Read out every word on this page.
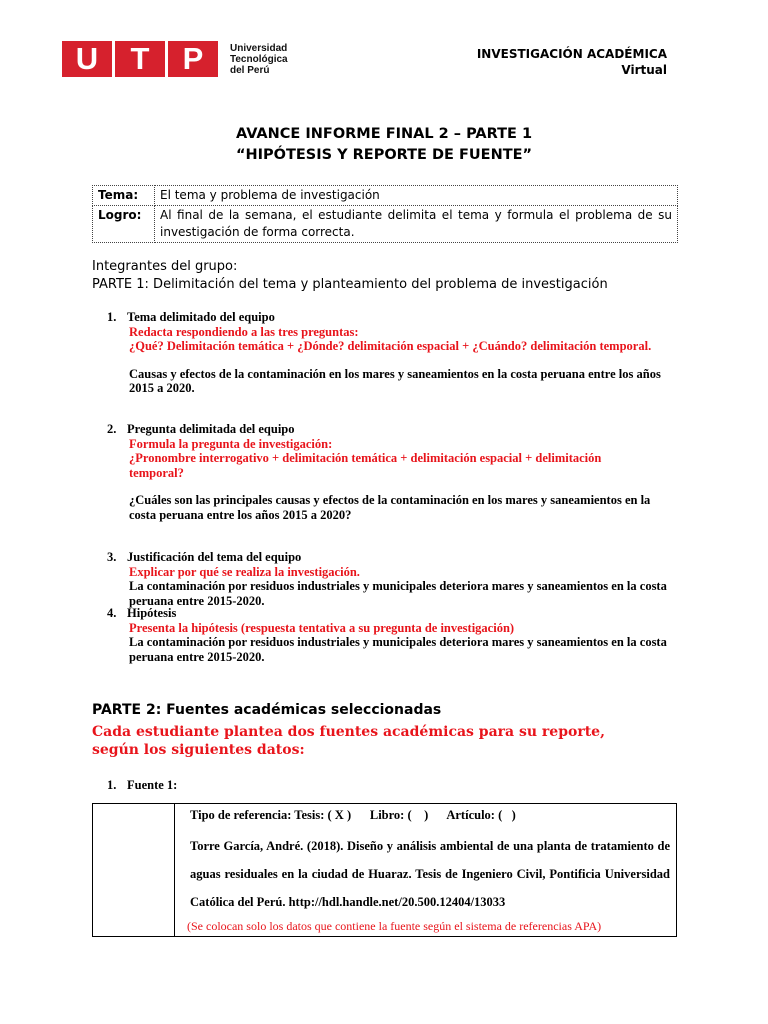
U	T	P	Universidad
Tecnológica
del Perú
INVESTIGACIÓN ACADÉMICA
Virtual
AVANCE INFORME FINAL 2 – PARTE 1
“HIPÓTESIS Y REPORTE DE FUENTE”
Tema:	El tema y problema de investigación
Logro:	Al final de la semana, el estudiante delimita el tema y formula el problema de su investigación de forma correcta.
Integrantes del grupo:
PARTE 1: Delimitación del tema y planteamiento del problema de investigación
1. Tema delimitado del equipo
Redacta respondiendo a las tres preguntas:
¿Qué? Delimitación temática + ¿Dónde? delimitación espacial + ¿Cuándo? delimitación temporal.
Causas y efectos de la contaminación en los mares y saneamientos en la costa peruana entre los años 2015 a 2020.
2. Pregunta delimitada del equipo
Formula la pregunta de investigación:
¿Pronombre interrogativo + delimitación temática + delimitación espacial + delimitación temporal?
¿Cuáles son las principales causas y efectos de la contaminación en los mares y saneamientos en la costa peruana entre los años 2015 a 2020?
3. Justificación del tema del equipo
Explicar por qué se realiza la investigación.
La contaminación por residuos industriales y municipales deteriora mares y saneamientos en la costa peruana entre 2015-2020.
4. Hipótesis
Presenta la hipótesis (respuesta tentativa a su pregunta de investigación)
La contaminación por residuos industriales y municipales deteriora mares y saneamientos en la costa peruana entre 2015-2020.
PARTE 2: Fuentes académicas seleccionadas
Cada estudiante plantea dos fuentes académicas para su reporte, según los siguientes datos:
1. Fuente 1:
Tipo de referencia: Tesis: ( X )      Libro: (    )      Artículo: (   )
Torre García, André. (2018). Diseño y análisis ambiental de una planta de tratamiento de aguas residuales en la ciudad de Huaraz. Tesis de Ingeniero Civil, Pontificia Universidad Católica del Perú. http://hdl.handle.net/20.500.12404/13033
(Se colocan solo los datos que contiene la fuente según el sistema de referencias APA)
